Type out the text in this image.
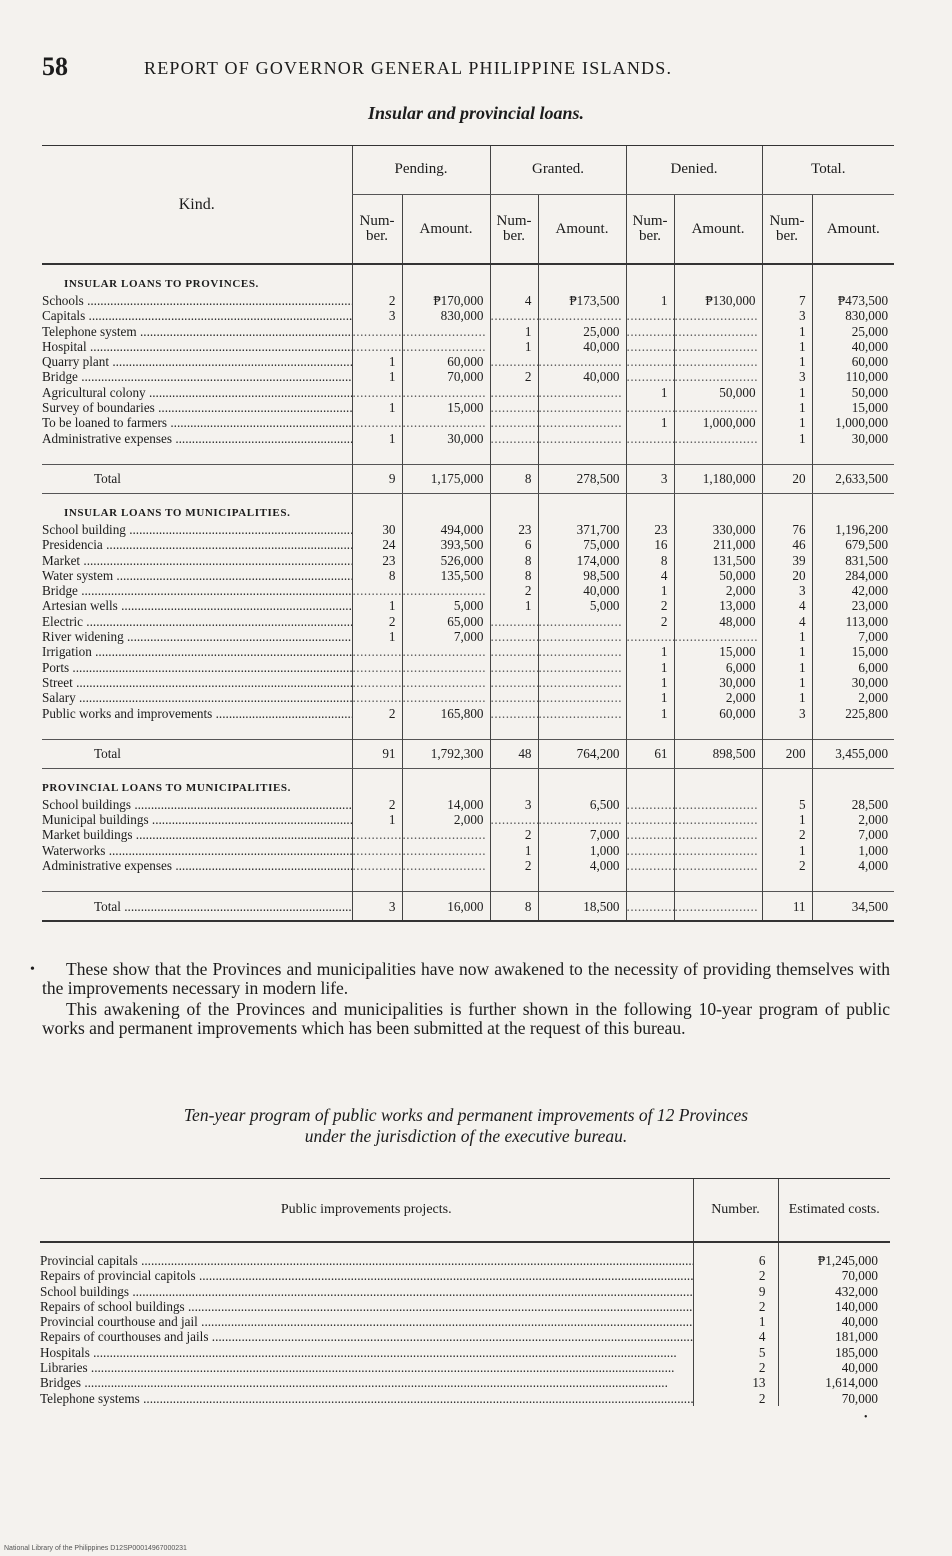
58	REPORT OF GOVERNOR GENERAL PHILIPPINE ISLANDS.
Insular and provincial loans.
Kind.	Pending.		Granted.		Denied.		Total.	
	Num-ber.	Amount.	Num-ber.	Amount.	Num-ber.	Amount.	Num-ber.	Amount.
INSULAR LOANS TO PROVINCES.								
Schools .....	2	₱170,000	4	₱173,500	1	₱130,000	7	₱473,500
Capitals .....	3	830,000	.....	.....	.....	.....	3	830,000
Telephone system .....	.....	.....	1	25,000	.....	.....	1	25,000
Hospital .....	.....	.....	1	40,000	.....	.....	1	40,000
Quarry plant .....	1	60,000	.....	.....	.....	.....	1	60,000
Bridge .....	1	70,000	2	40,000	.....	.....	3	110,000
Agricultural colony .....	.....	.....	.....	.....	1	50,000	1	50,000
Survey of boundaries .....	1	15,000	.....	.....	.....	.....	1	15,000
To be loaned to farmers .....	.....	.....	.....	.....	1	1,000,000	1	1,000,000
Administrative expenses .....	1	30,000	.....	.....	.....	.....	1	30,000

Total	9	1,175,000	8	278,500	3	1,180,000	20	2,633,500
INSULAR LOANS TO MUNICIPALITIES.								
School building .....	30	494,000	23	371,700	23	330,000	76	1,196,200
Presidencia .....	24	393,500	6	75,000	16	211,000	46	679,500
Market .....	23	526,000	8	174,000	8	131,500	39	831,500
Water system .....	8	135,500	8	98,500	4	50,000	20	284,000
Bridge .....	.....	.....	2	40,000	1	2,000	3	42,000
Artesian wells .....	1	5,000	1	5,000	2	13,000	4	23,000
Electric .....	2	65,000	.....	.....	2	48,000	4	113,000
River widening .....	1	7,000	.....	.....	.....	.....	1	7,000
Irrigation .....	.....	.....	.....	.....	1	15,000	1	15,000
Ports .....	.....	.....	.....	.....	1	6,000	1	6,000
Street .....	.....	.....	.....	.....	1	30,000	1	30,000
Salary .....	.....	.....	.....	.....	1	2,000	1	2,000
Public works and improvements .....	2	165,800	.....	.....	1	60,000	3	225,800

Total	91	1,792,300	48	764,200	61	898,500	200	3,455,000
PROVINCIAL LOANS TO MUNICIPALITIES.								
School buildings .....	2	14,000	3	6,500	.....	.....	5	28,500
Municipal buildings .....	1	2,000	.....	.....	.....	.....	1	2,000
Market buildings .....	.....	.....	2	7,000	.....	.....	2	7,000
Waterworks .....	.....	.....	1	1,000	.....	.....	1	1,000
Administrative expenses .....	.....	.....	2	4,000	.....	.....	2	4,000

Total .....	3	16,000	8	18,500	.....	.....	11	34,500
•	These show that the Provinces and municipalities have now awakened to the necessity of providing themselves with the improvements necessary in modern life.

This awakening of the Provinces and municipalities is further shown in the following 10-year program of public works and permanent improvements which has been submitted at the request of this bureau.

Ten-year program of public works and permanent improvements of 12 Provinces
under the jurisdiction of the executive bureau.
Public improvements projects.	Number.	Estimated costs.
Provincial capitals .....	6	₱1,245,000
Repairs of provincial capitols .....	2	70,000
School buildings .....	9	432,000
Repairs of school buildings .....	2	140,000
Provincial courthouse and jail .....	1	40,000
Repairs of courthouses and jails .....	4	181,000
Hospitals .....	5	185,000
Libraries .....	2	40,000
Bridges .....	13	1,614,000
Telephone systems .....	2	70,000
•
National Library of the Philippines D12SP00014967000231
